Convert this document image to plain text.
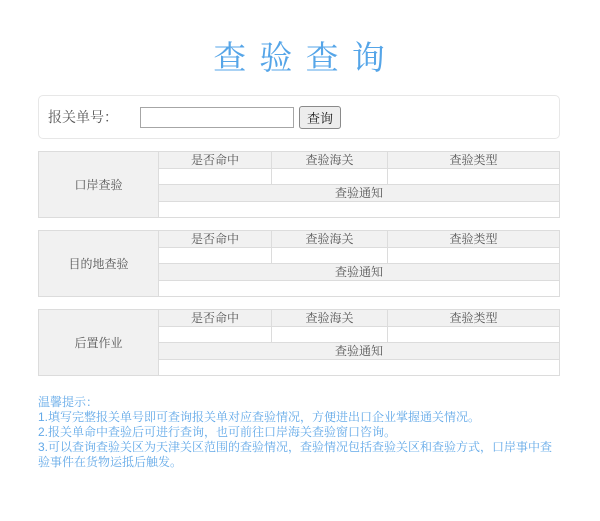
查 验 查 询
报关单号：	查询
口岸查验	是否命中	查验海关	查验类型

	查验通知		

目的地查验	是否命中	查验海关	查验类型

	查验通知		

后置作业	是否命中	查验海关	查验类型

	查验通知		

温馨提示：

1.填写完整报关单号即可查询报关单对应查验情况，方便进出口企业掌握通关情况。

2.报关单命中查验后可进行查询，也可前往口岸海关查验窗口咨询。

3.可以查询查验关区为天津关区范围的查验情况，查验情况包括查验关区和查验方式，口岸事中查验事件在货物运抵后触发。
